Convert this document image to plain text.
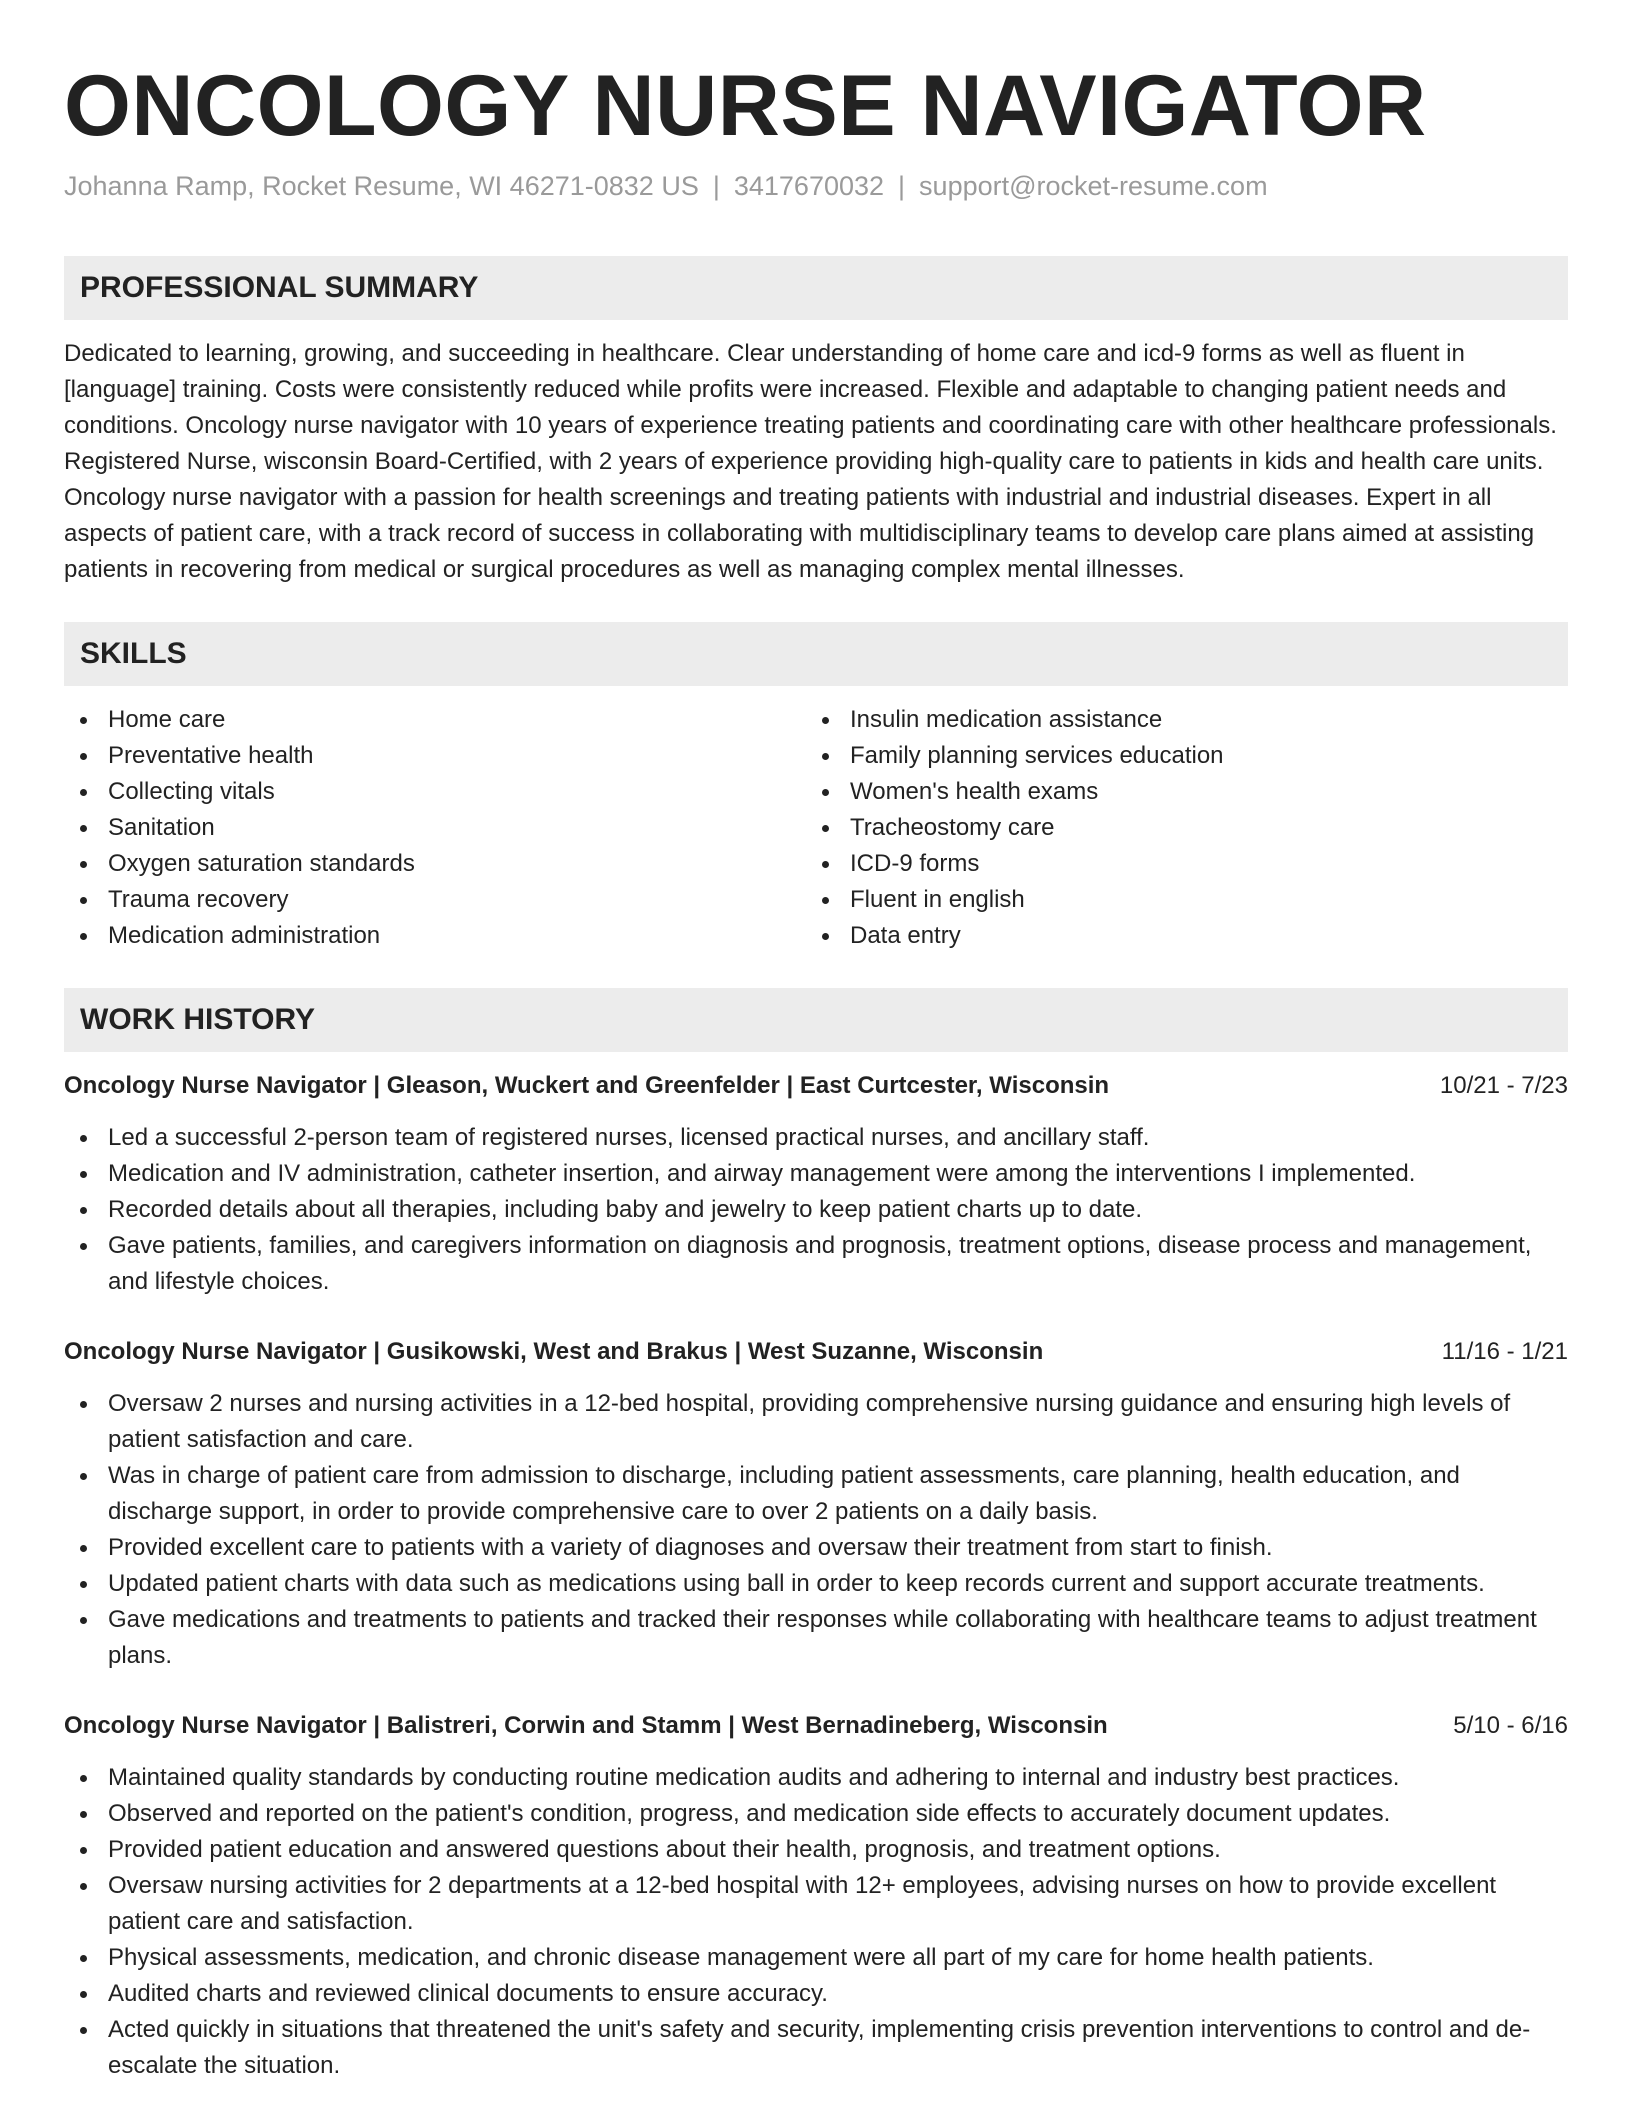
ONCOLOGY NURSE NAVIGATOR
Johanna Ramp, Rocket Resume, WI 46271-0832 US | 3417670032 | support@rocket-resume.com
PROFESSIONAL SUMMARY

Dedicated to learning, growing, and succeeding in healthcare. Clear understanding of home care and icd-9 forms as well as fluent in [language] training. Costs were consistently reduced while profits were increased. Flexible and adaptable to changing patient needs and conditions. Oncology nurse navigator with 10 years of experience treating patients and coordinating care with other healthcare professionals. Registered Nurse, wisconsin Board-Certified, with 2 years of experience providing high-quality care to patients in kids and health care units. Oncology nurse navigator with a passion for health screenings and treating patients with industrial and industrial diseases. Expert in all aspects of patient care, with a track record of success in collaborating with multidisciplinary teams to develop care plans aimed at assisting patients in recovering from medical or surgical procedures as well as managing complex mental illnesses.

SKILLS
Home care
Preventative health
Collecting vitals
Sanitation
Oxygen saturation standards
Trauma recovery
Medication administration
Insulin medication assistance
Family planning services education
Women's health exams
Tracheostomy care
ICD-9 forms
Fluent in english
Data entry
WORK HISTORY
Oncology Nurse Navigator | Gleason, Wuckert and Greenfelder | East Curtcester, Wisconsin	10/21 - 7/23
Led a successful 2-person team of registered nurses, licensed practical nurses, and ancillary staff.
Medication and IV administration, catheter insertion, and airway management were among the interventions I implemented.
Recorded details about all therapies, including baby and jewelry to keep patient charts up to date.
Gave patients, families, and caregivers information on diagnosis and prognosis, treatment options, disease process and management, and lifestyle choices.
Oncology Nurse Navigator | Gusikowski, West and Brakus | West Suzanne, Wisconsin	11/16 - 1/21
Oversaw 2 nurses and nursing activities in a 12-bed hospital, providing comprehensive nursing guidance and ensuring high levels of patient satisfaction and care.
Was in charge of patient care from admission to discharge, including patient assessments, care planning, health education, and discharge support, in order to provide comprehensive care to over 2 patients on a daily basis.
Provided excellent care to patients with a variety of diagnoses and oversaw their treatment from start to finish.
Updated patient charts with data such as medications using ball in order to keep records current and support accurate treatments.
Gave medications and treatments to patients and tracked their responses while collaborating with healthcare teams to adjust treatment plans.
Oncology Nurse Navigator | Balistreri, Corwin and Stamm | West Bernadineberg, Wisconsin	5/10 - 6/16
Maintained quality standards by conducting routine medication audits and adhering to internal and industry best practices.
Observed and reported on the patient's condition, progress, and medication side effects to accurately document updates.
Provided patient education and answered questions about their health, prognosis, and treatment options.
Oversaw nursing activities for 2 departments at a 12-bed hospital with 12+ employees, advising nurses on how to provide excellent patient care and satisfaction.
Physical assessments, medication, and chronic disease management were all part of my care for home health patients.
Audited charts and reviewed clinical documents to ensure accuracy.
Acted quickly in situations that threatened the unit's safety and security, implementing crisis prevention interventions to control and de-escalate the situation.
